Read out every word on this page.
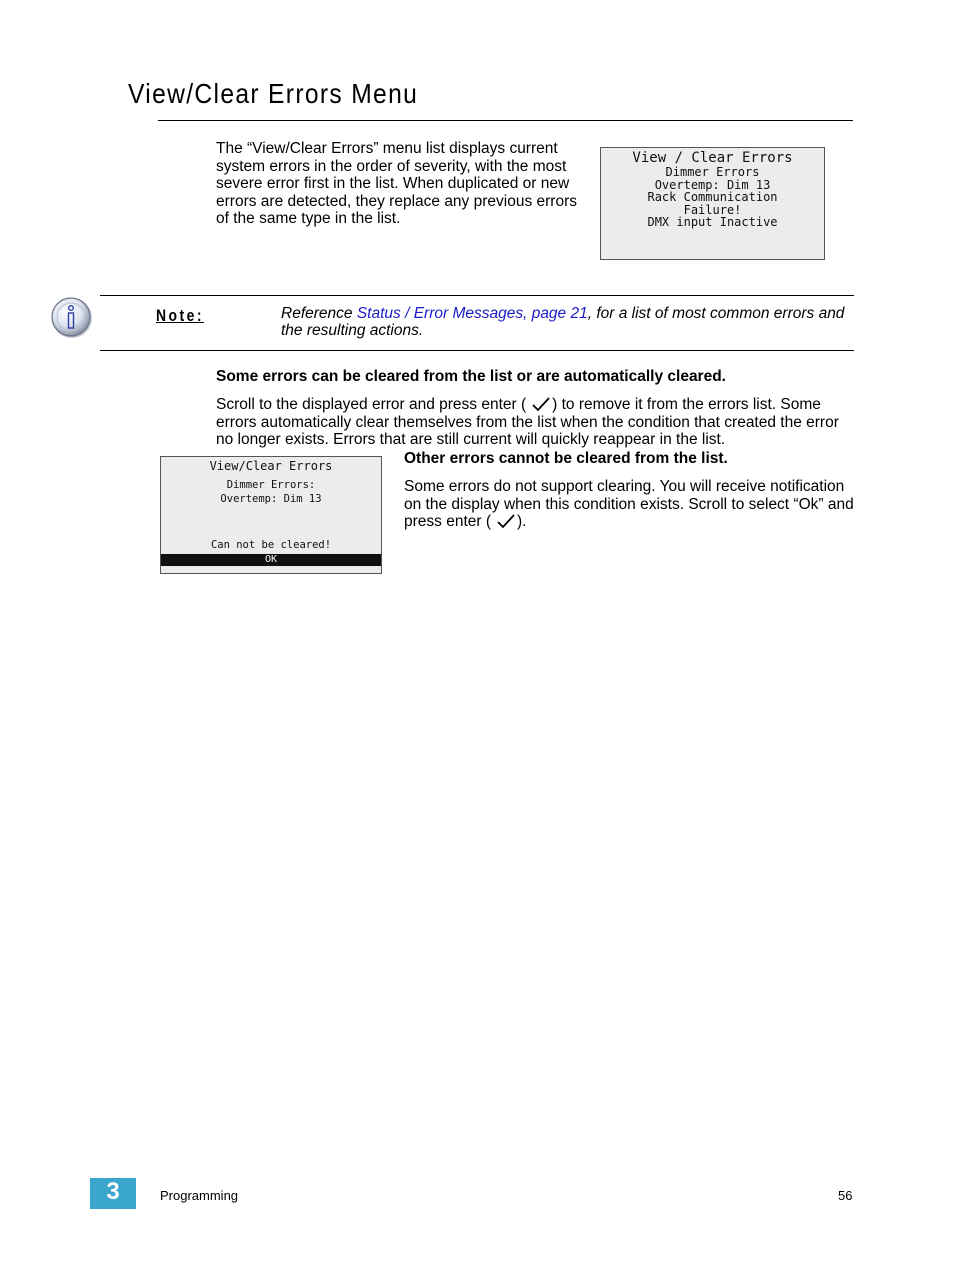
View/Clear Errors Menu
The “View/Clear Errors” menu list displays current system errors in the order of severity, with the most severe error first in the list. When duplicated or new errors are detected, they replace any previous errors of the same type in the list.
View / Clear Errors
Dimmer Errors
Overtemp: Dim 13
Rack Communication
Failure!
DMX input Inactive
Note:	Reference Status / Error Messages, page 21, for a list of most common errors and the resulting actions.
Some errors can be cleared from the list or are automatically cleared.
Scroll to the displayed error and press enter ( ) to remove it from the errors list. Some errors automatically clear themselves from the list when the condition that created the error no longer exists. Errors that are still current will quickly reappear in the list.
View/Clear Errors
Dimmer Errors:
Overtemp: Dim 13
Can not be cleared!
OK
Other errors cannot be cleared from the list.
Some errors do not support clearing. You will receive notification on the display when this condition exists. Scroll to select “Ok” and press enter ( ).
3	Programming	56
